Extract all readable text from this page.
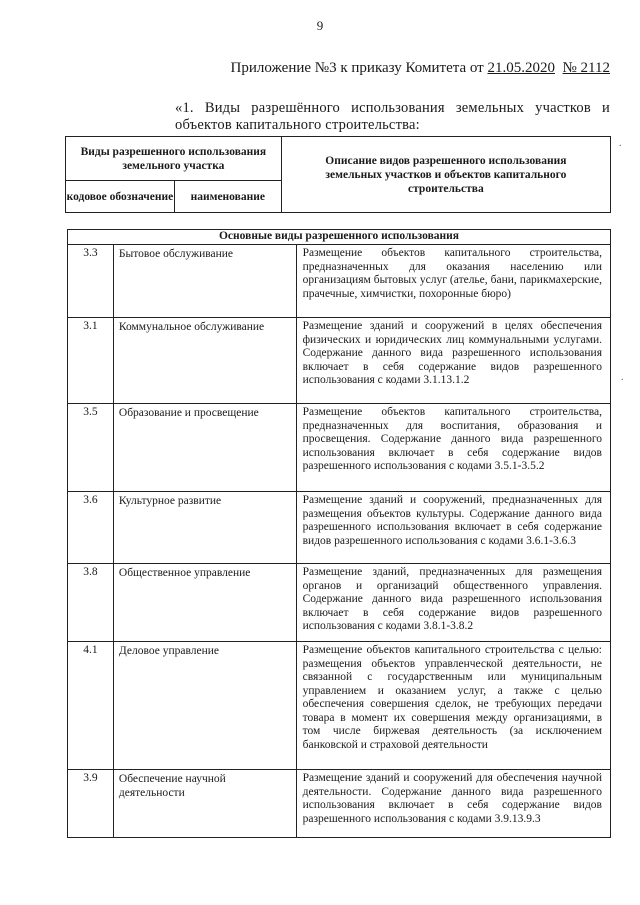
9
Приложение №3 к приказу Комитета от 21.05.2020 № 2112
«1. Виды разрешённого использования земельных участков и объектов капитального строительства:
Виды разрешенного использования земельного участка		Описание видов разрешенного использования земельных участков и объектов капитального строительства
кодовое обозначение	наименование	
Основные виды разрешенного использования		
3.3	Бытовое обслуживание	Размещение объектов капитального строительства, предназначенных для оказания населению или организациям бытовых услуг (ателье, бани, парикмахерские, прачечные, химчистки, похоронные бюро)
3.1	Коммунальное обслуживание	Размещение зданий и сооружений в целях обеспечения физических и юридических лиц коммунальными услугами. Содержание данного вида разрешенного использования включает в себя содержание видов разрешенного использования с кодами 3.1.13.1.2
3.5	Образование и просвещение	Размещение объектов капитального строительства, предназначенных для воспитания, образования и просвещения. Содержание данного вида разрешенного использования включает в себя содержание видов разрешенного использования с кодами 3.5.1-3.5.2
3.6	Культурное развитие	Размещение зданий и сооружений, предназначенных для размещения объектов культуры. Содержание данного вида разрешенного использования включает в себя содержание видов разрешенного использования с кодами 3.6.1-3.6.3
3.8	Общественное управление	Размещение зданий, предназначенных для размещения органов и организаций общественного управления. Содержание данного вида разрешенного использования включает в себя содержание видов разрешенного использования с кодами 3.8.1-3.8.2
4.1	Деловое управление	Размещение объектов капитального строительства с целью: размещения объектов управленческой деятельности, не связанной с государственным или муниципальным управлением и оказанием услуг, а также с целью обеспечения совершения сделок, не требующих передачи товара в момент их совершения между организациями, в том числе биржевая деятельность (за исключением банковской и страховой деятельности
3.9	Обеспечение научной деятельности	Размещение зданий и сооружений для обеспечения научной деятельности. Содержание данного вида разрешенного использования включает в себя содержание видов разрешенного использования с кодами 3.9.13.9.3
.
.
